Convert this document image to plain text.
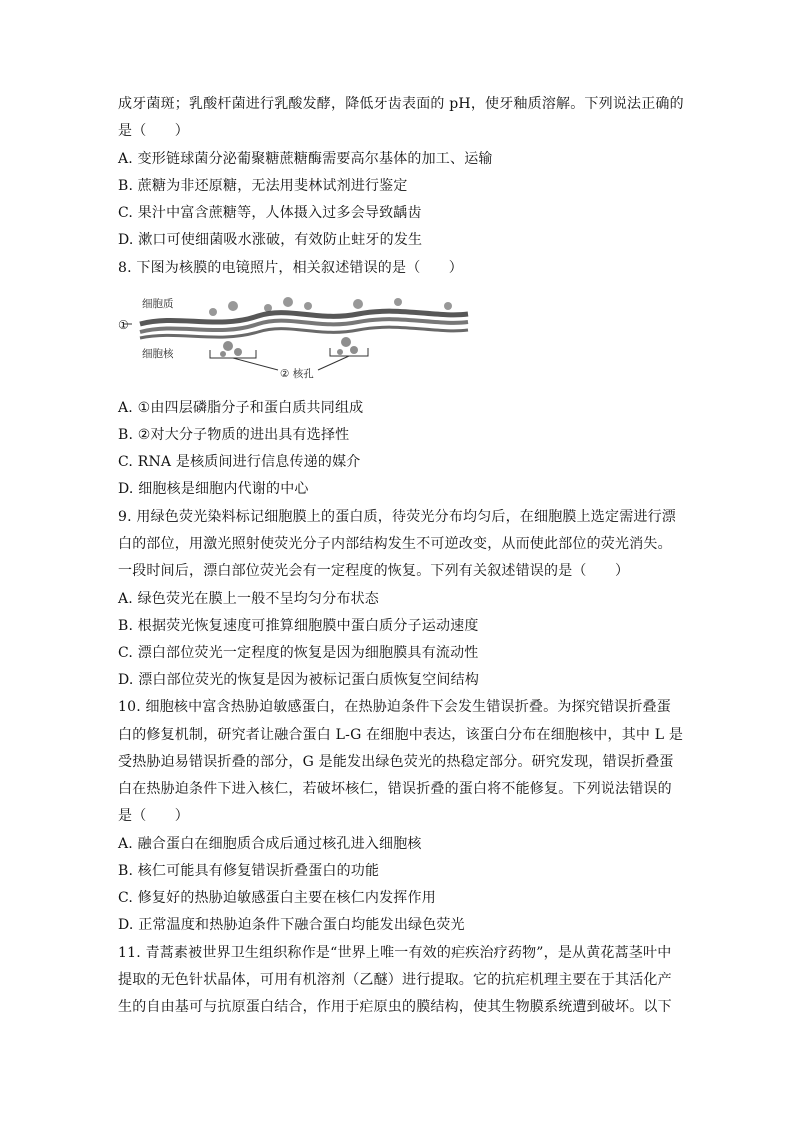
成牙菌斑；乳酸杆菌进行乳酸发酵，降低牙齿表面的 pH，使牙釉质溶解。下列说法正确的
是（　　）
A. 变形链球菌分泌葡聚糖蔗糖酶需要高尔基体的加工、运输
B. 蔗糖为非还原糖，无法用斐林试剂进行鉴定
C. 果汁中富含蔗糖等，人体摄入过多会导致龋齿
D. 漱口可使细菌吸水涨破，有效防止蛀牙的发生
8. 下图为核膜的电镜照片，相关叙述错误的是（　　）
细胞质
①
细胞核
② 核孔
A. ①由四层磷脂分子和蛋白质共同组成
B. ②对大分子物质的进出具有选择性
C. RNA 是核质间进行信息传递的媒介
D. 细胞核是细胞内代谢的中心
9. 用绿色荧光染料标记细胞膜上的蛋白质，待荧光分布均匀后，在细胞膜上选定需进行漂
白的部位，用激光照射使荧光分子内部结构发生不可逆改变，从而使此部位的荧光消失。
一段时间后，漂白部位荧光会有一定程度的恢复。下列有关叙述错误的是（　　）
A. 绿色荧光在膜上一般不呈均匀分布状态
B. 根据荧光恢复速度可推算细胞膜中蛋白质分子运动速度
C. 漂白部位荧光一定程度的恢复是因为细胞膜具有流动性
D. 漂白部位荧光的恢复是因为被标记蛋白质恢复空间结构
10. 细胞核中富含热胁迫敏感蛋白，在热胁迫条件下会发生错误折叠。为探究错误折叠蛋
白的修复机制，研究者让融合蛋白 L-G 在细胞中表达，该蛋白分布在细胞核中，其中 L 是
受热胁迫易错误折叠的部分，G 是能发出绿色荧光的热稳定部分。研究发现，错误折叠蛋
白在热胁迫条件下进入核仁，若破坏核仁，错误折叠的蛋白将不能修复。下列说法错误的
是（　　）
A. 融合蛋白在细胞质合成后通过核孔进入细胞核
B. 核仁可能具有修复错误折叠蛋白的功能
C. 修复好的热胁迫敏感蛋白主要在核仁内发挥作用
D. 正常温度和热胁迫条件下融合蛋白均能发出绿色荧光
11. 青蒿素被世界卫生组织称作是“世界上唯一有效的疟疾治疗药物”，是从黄花蒿茎叶中
提取的无色针状晶体，可用有机溶剂（乙醚）进行提取。它的抗疟机理主要在于其活化产
生的自由基可与抗原蛋白结合，作用于疟原虫的膜结构，使其生物膜系统遭到破坏。以下
